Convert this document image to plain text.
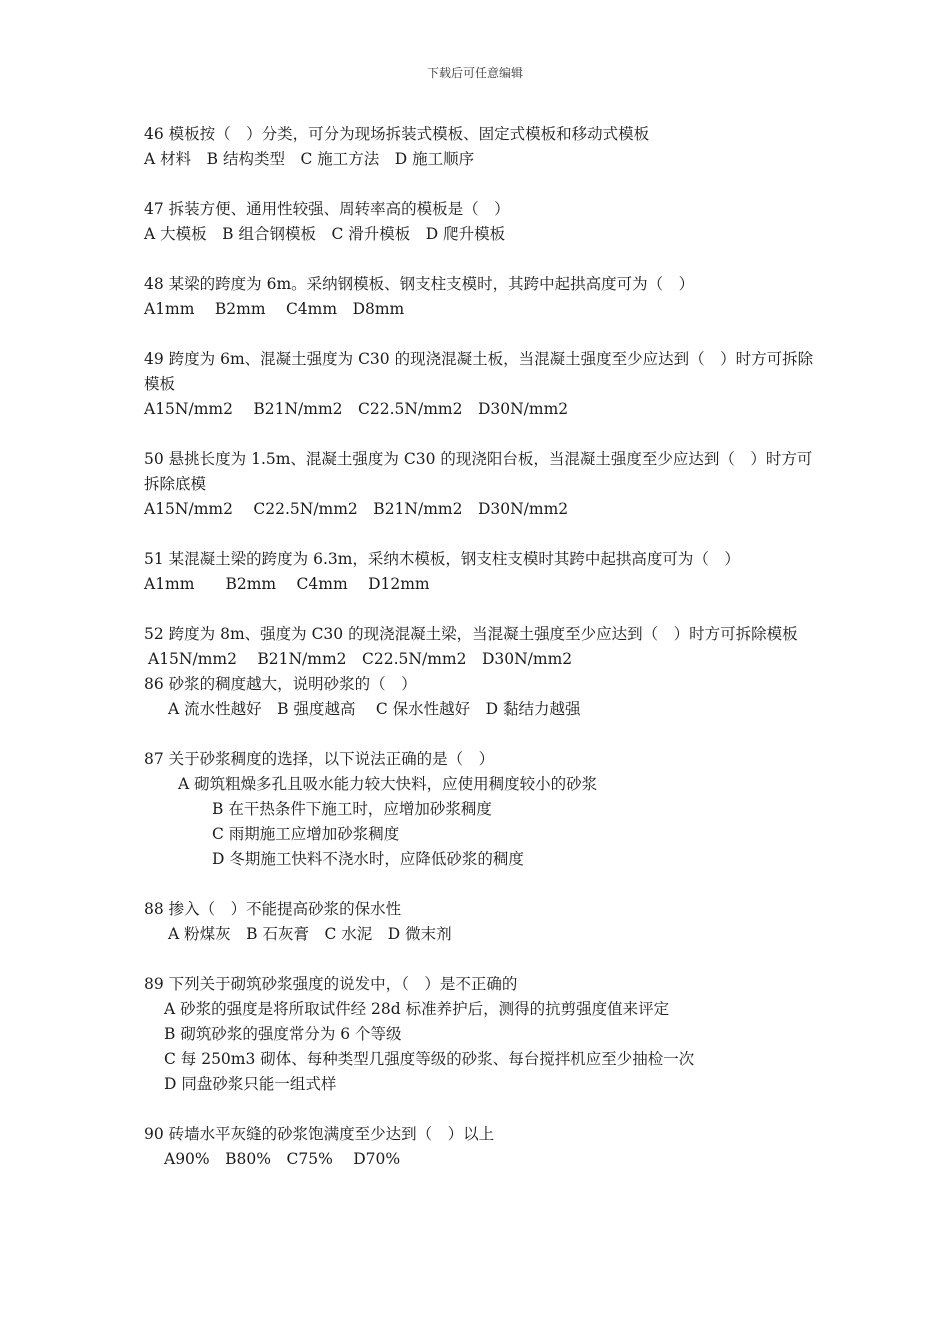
下载后可任意编辑
46 模板按（　）分类，可分为现场拆装式模板、固定式模板和移动式模板
A 材料　B 结构类型　C 施工方法　D 施工顺序
47 拆装方便、通用性较强、周转率高的模板是（　）
A 大模板　B 组合钢模板　C 滑升模板　D 爬升模板
48 某梁的跨度为 6m。采纳钢模板、钢支柱支模时，其跨中起拱高度可为（　）
A1mm　 B2mm　 C4mm　D8mm
49 跨度为 6m、混凝土强度为 C30 的现浇混凝土板，当混凝土强度至少应达到（　）时方可拆除模板
A15N/mm2　 B21N/mm2　C22.5N/mm2　D30N/mm2
50 悬挑长度为 1.5m、混凝土强度为 C30 的现浇阳台板，当混凝土强度至少应达到（　）时方可拆除底模
A15N/mm2　 C22.5N/mm2　B21N/mm2　D30N/mm2
51 某混凝土梁的跨度为 6.3m，采纳木模板，钢支柱支模时其跨中起拱高度可为（　）
A1mm　　B2mm　 C4mm　 D12mm
52 跨度为 8m、强度为 C30 的现浇混凝土梁，当混凝土强度至少应达到（　）时方可拆除模板
A15N/mm2　 B21N/mm2　C22.5N/mm2　D30N/mm2
86 砂浆的稠度越大，说明砂浆的（　）
A 流水性越好　B 强度越高　 C 保水性越好　D 黏结力越强
87 关于砂浆稠度的选择，以下说法正确的是（　）
A 砌筑粗燥多孔且吸水能力较大快料，应使用稠度较小的砂浆
B 在干热条件下施工时，应增加砂浆稠度
C 雨期施工应增加砂浆稠度
D 冬期施工快料不浇水时，应降低砂浆的稠度
88 掺入（　）不能提高砂浆的保水性
A 粉煤灰　B 石灰膏　C 水泥　D 微末剂
89 下列关于砌筑砂浆强度的说发中，（　）是不正确的
A 砂浆的强度是将所取试件经 28d 标准养护后，测得的抗剪强度值来评定
B 砌筑砂浆的强度常分为 6 个等级
C 每 250m3 砌体、每种类型几强度等级的砂浆、每台搅拌机应至少抽检一次
D 同盘砂浆只能一组式样
90 砖墙水平灰缝的砂浆饱满度至少达到（　）以上
A90%　B80%　C75%　 D70%
